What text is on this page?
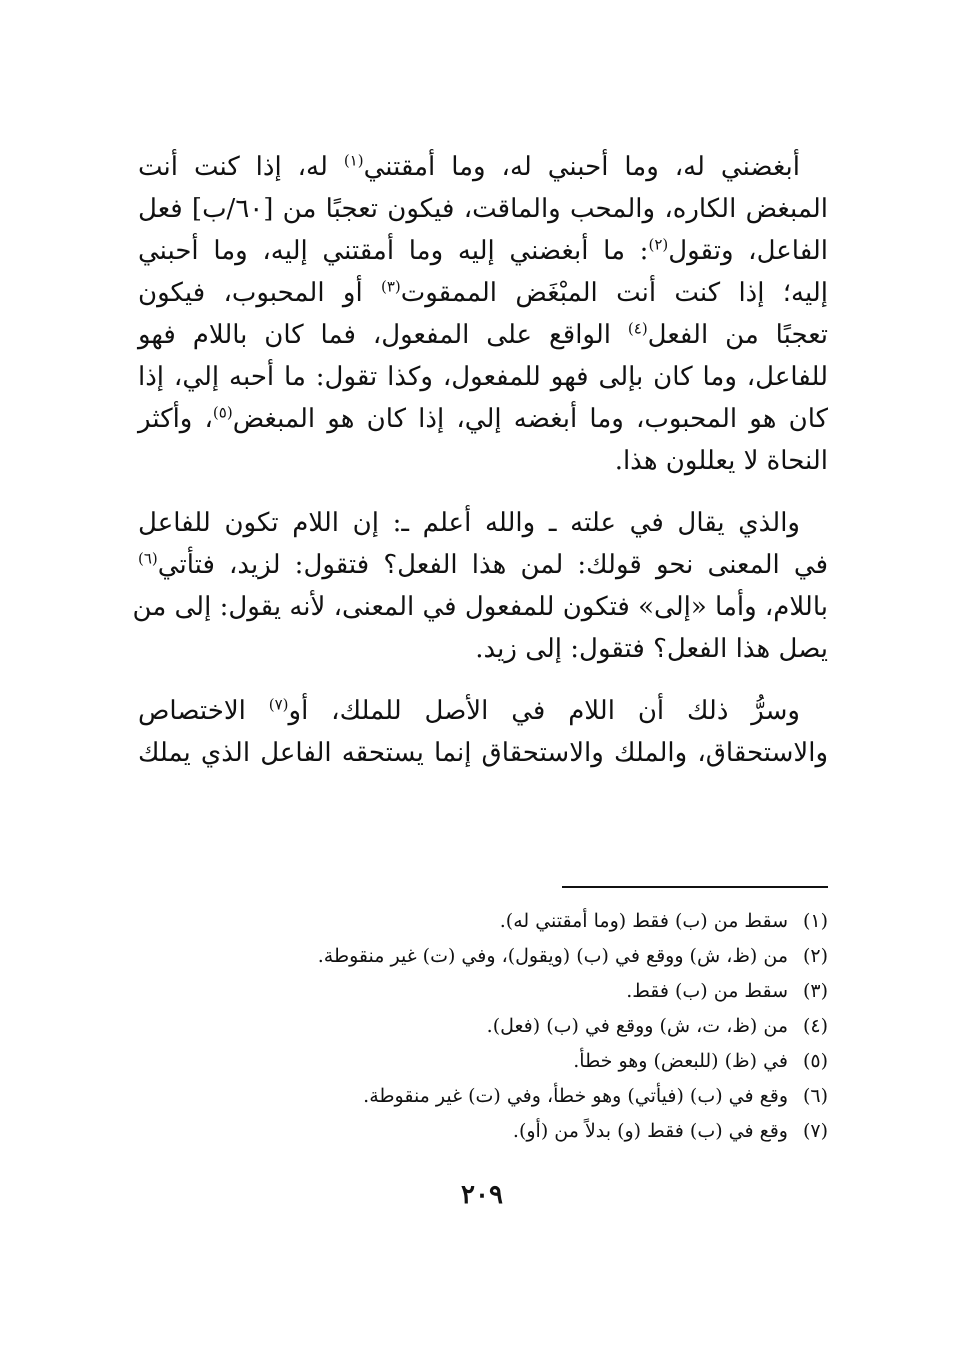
أبغضني له، وما أحبني له، وما أمقتني$^{(١)}$ له، إذا كنت أنت
المبغض الكاره، والمحب والماقت، فيكون تعجبًا من [٦٠/ب] فعل
الفاعل، وتقول$^{(٢)}$: ما أبغضني إليه وما أمقتني إليه، وما أحبني
إليه؛ إذا كنت أنت المبْغَض الممقوت$^{(٣)}$ أو المحبوب، فيكون
تعجبًا من الفعل$^{(٤)}$ الواقع على المفعول، فما كان باللام فهو
للفاعل، وما كان بإلى فهو للمفعول، وكذا تقول: ما أحبه إلي، إذا
كان هو المحبوب، وما أبغضه إلي، إذا كان هو المبغض$^{(٥)}$، وأكثر
النحاة لا يعللون هذا.
والذي يقال في علته ـ والله أعلم ـ: إن اللام تكون للفاعل
في المعنى نحو قولك: لمن هذا الفعل؟ فتقول: لزيد، فتأتي$^{(٦)}$
باللام، وأما «إلى» فتكون للمفعول في المعنى، لأنه يقول: إلى من
يصل هذا الفعل؟ فتقول: إلى زيد.
وسرُّ ذلك أن اللام في الأصل للملك، أو$^{(٧)}$ الاختصاص
والاستحقاق، والملك والاستحقاق إنما يستحقه الفاعل الذي يملك
(١)سقط من (ب) فقط (وما أمقتني له).
(٢)من (ظ، ش) ووقع في (ب) (ويقول)، وفي (ت) غير منقوطة.
(٣)سقط من (ب) فقط.
(٤)من (ظ، ت، ش) ووقع في (ب) (فعل).
(٥)في (ظ) (للبعض) وهو خطأ.
(٦)وقع في (ب) (فيأتي) وهو خطأ، وفي (ت) غير منقوطة.
(٧)وقع في (ب) فقط (و) بدلاً من (أو).
٢٠٩
